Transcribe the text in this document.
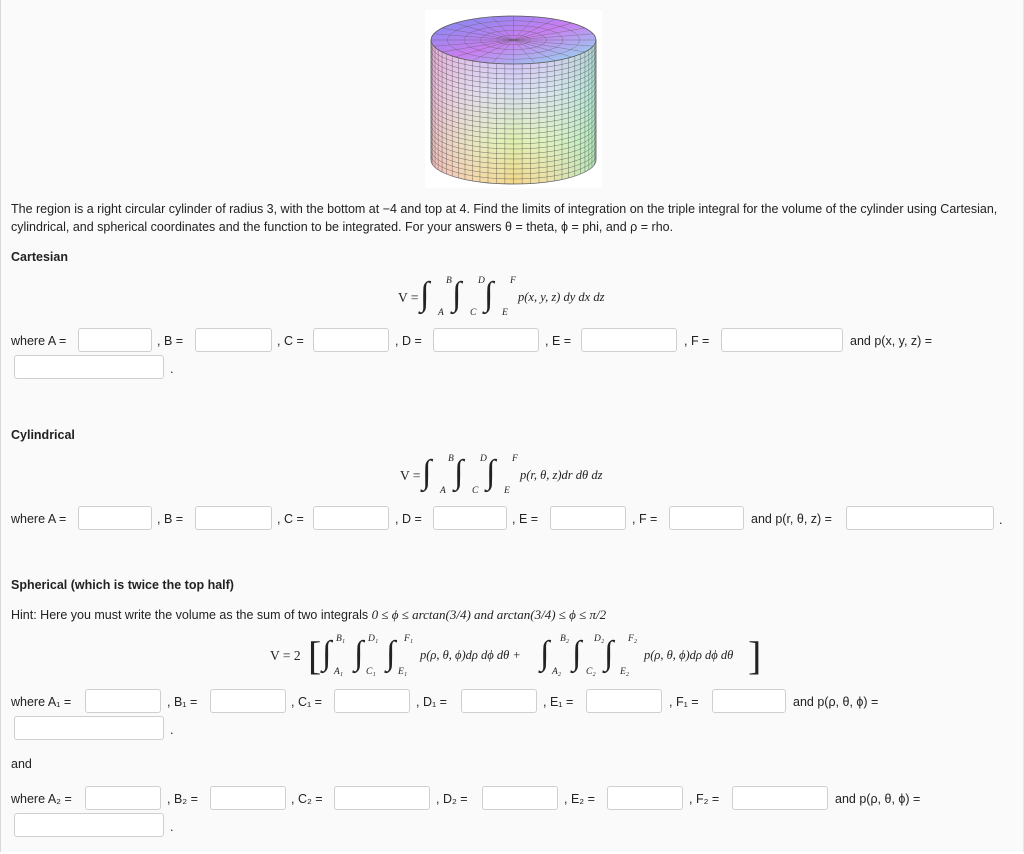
The region is a right circular cylinder of radius 3, with the bottom at −4 and top at 4. Find the limits of integration on the triple integral for the volume of the cylinder using Cartesian, cylindrical, and spherical coordinates and the function to be integrated. For your answers θ = theta, ϕ = phi, and ρ = rho.
Cartesian
V = ∫ ∫ ∫
B	D	F
A	C	E
p(x, y, z) dy dx dz
where A =	, B =	, C =	, D =	, E =	, F =	and p(x, y, z) =
.
Cylindrical
V = ∫ ∫ ∫
B	D	F
A	C	E
p(r, θ, z)dr dθ dz
where A =	, B =	, C =	, D =	, E =	, F =	and p(r, θ, z) =	.
Spherical (which is twice the top half)
Hint: Here you must write the volume as the sum of two integrals 0 ≤ ϕ ≤ arctan(3/4) and arctan(3/4) ≤ ϕ ≤ π/2
V = 2 [ ∫ ∫ ∫
B₁ D₁	F₁
A₁ C₁ E₁
p(ρ, θ, ϕ)dρ dϕ dθ + ∫ ∫ ∫
B₂	D₂	F₂
A₂	C₂	E₂
p(ρ, θ, ϕ)dρ dϕ dθ ]
where A₁ =	, B₁ =	, C₁ =	, D₁ =	, E₁ =	, F₁ =	and p(ρ, θ, ϕ) =
.
and
where A₂ =	, B₂ =	, C₂ =	, D₂ =	, E₂ =	, F₂ =	and p(ρ, θ, ϕ) =
.
